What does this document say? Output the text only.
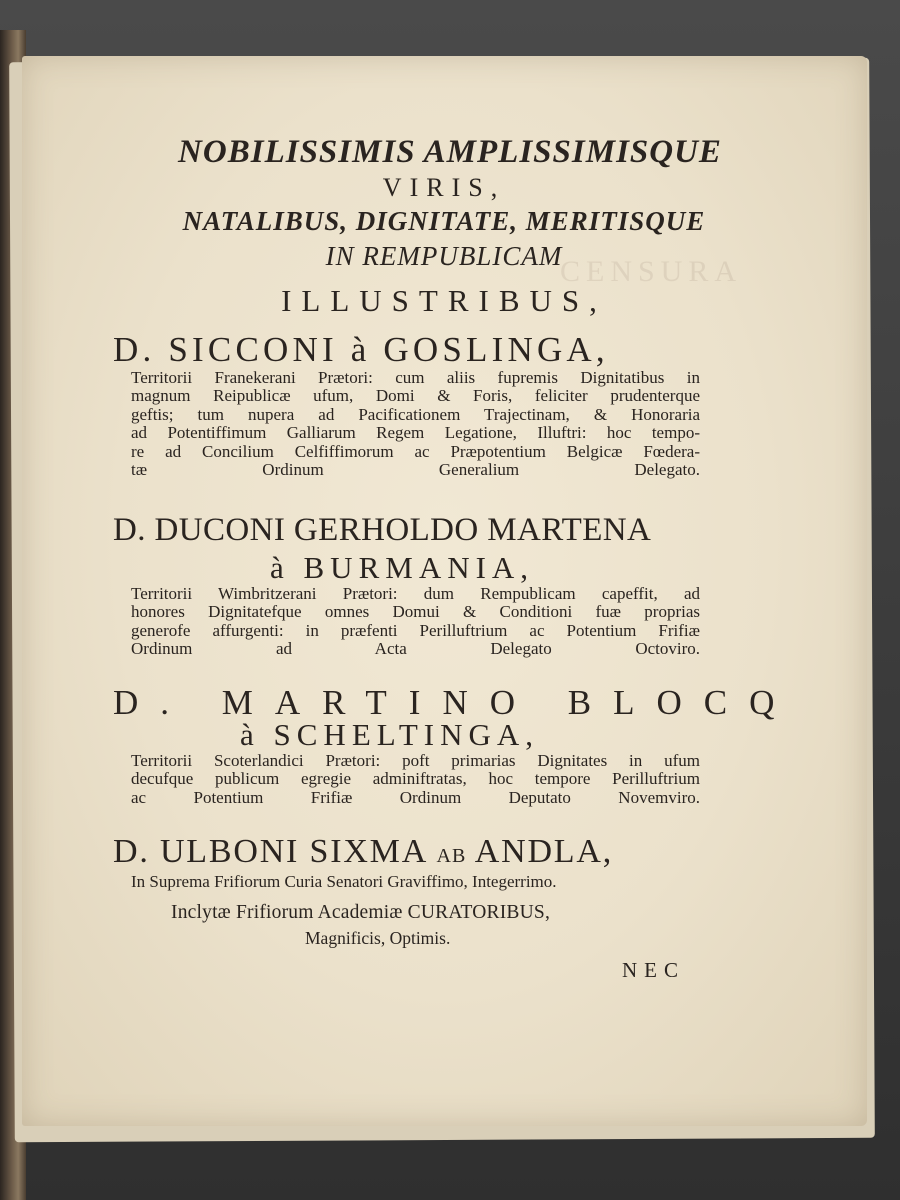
CENSURA
NOBILISSIMIS AMPLISSIMISQUE
VIRIS,
NATALIBUS, DIGNITATE, MERITISQUE
IN REMPUBLICAM
ILLUSTRIBUS,
D. SICCONI à GOSLINGA,
Territorii Franekerani Prætori: cum aliis fupremis Dignitatibus in
magnum Reipublicæ ufum, Domi & Foris, feliciter prudenterque
geftis; tum nupera ad Pacificationem Trajectinam, & Honoraria
ad Potentiffimum Galliarum Regem Legatione, Illuftri: hoc tempo-
re ad Concilium Celfiffimorum ac Præpotentium Belgicæ Fœdera-
tæ Ordinum Generalium Delegato.
D. DUCONI GERHOLDO MARTENA
à BURMANIA,
Territorii Wimbritzerani Prætori: dum Rempublicam capeffit, ad
honores Dignitatefque omnes Domui & Conditioni fuæ proprias
generofe affurgenti: in præfenti Perilluftrium ac Potentium Frifiæ
Ordinum ad Acta Delegato Octoviro.
D. MARTINO BLOCQ
à SCHELTINGA,
Territorii Scoterlandici Prætori: poft primarias Dignitates in ufum
decufque publicum egregie adminiftratas, hoc tempore Perilluftrium
ac Potentium Frifiæ Ordinum Deputato Novemviro.
D. ULBONI SIXMA AB ANDLA,
In Suprema Frifiorum Curia Senatori Graviffimo, Integerrimo.
Inclytæ Frifiorum Academiæ CURATORIBUS,
Magnificis, Optimis.
NEC
